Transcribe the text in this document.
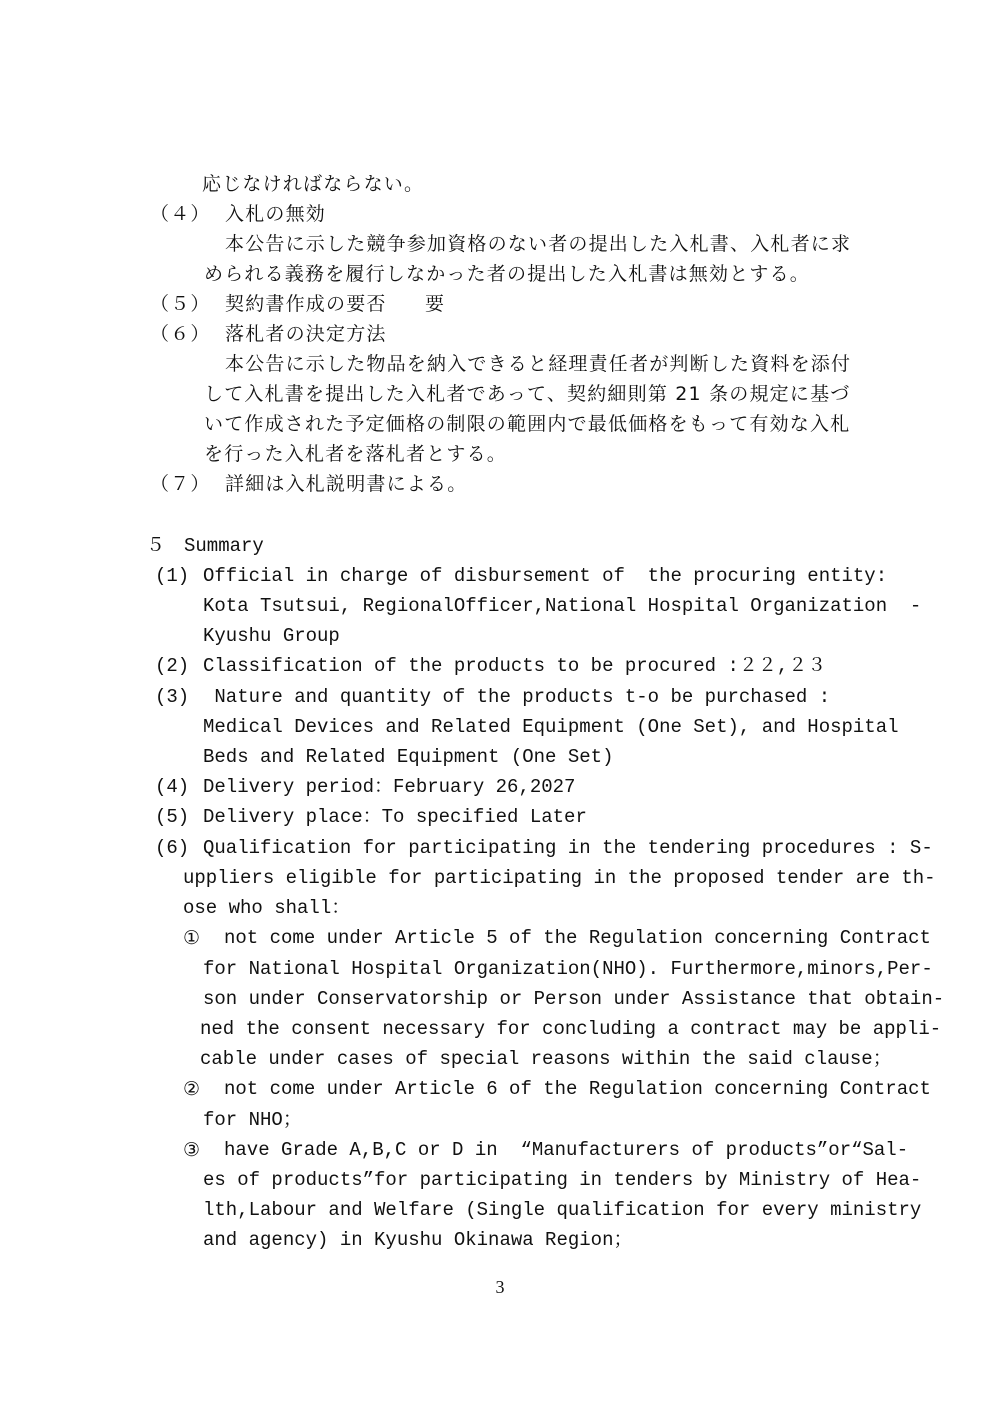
応じなければならない。
（４） 入札の無効
本公告に示した競争参加資格のない者の提出した入札書、入札者に求
められる義務を履行しなかった者の提出した入札書は無効とする。
（５） 契約書作成の要否 要
（６） 落札者の決定方法
本公告に示した物品を納入できると経理責任者が判断した資料を添付
して入札書を提出した入札者であって、契約細則第 21 条の規定に基づ
いて作成された予定価格の制限の範囲内で最低価格をもって有効な入札
を行った入札者を落札者とする。
（７） 詳細は入札説明書による。
５　Summary
(1) Official in charge of disbursement of  the procuring entity:
Kota Tsutsui, RegionalOfficer,National Hospital Organization  -
Kyushu Group
(2) Classification of the products to be procured :２２,２３
(3) Nature and quantity of the products t-o be purchased :
Medical Devices and Related Equipment (One Set), and Hospital
Beds and Related Equipment (One Set)
(4) Delivery period：February 26,2027
(5) Delivery place：To specified Later
(6) Qualification for participating in the tendering procedures : S-
uppliers eligible for participating in the proposed tender are th-
ose who shall：
① not come under Article 5 of the Regulation concerning Contract
for National Hospital Organization(NHO). Furthermore,minors,Per-
son under Conservatorship or Person under Assistance that obtain-
ned the consent necessary for concluding a contract may be appli-
cable under cases of special reasons within the said clause；
② not come under Article 6 of the Regulation concerning Contract
for NHO；
③ have Grade A,B,C or D in  “Manufacturers of products”or“Sal-
es of products”for participating in tenders by Ministry of Hea-
lth,Labour and Welfare (Single qualification for every ministry
and agency) in Kyushu Okinawa Region；
3
